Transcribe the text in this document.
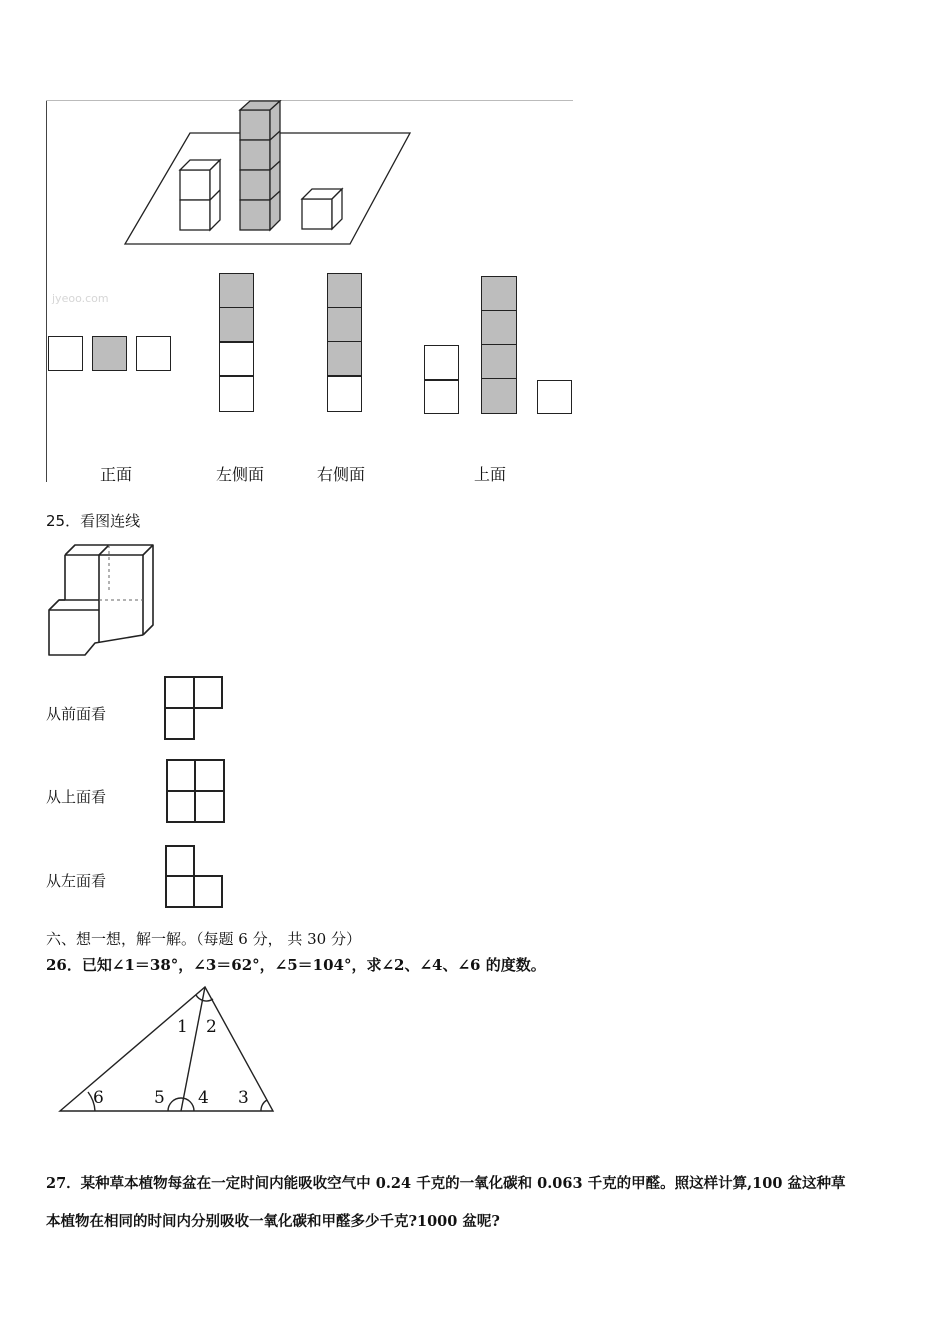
jyeoo.com
正面	左侧面	右侧面	上面
25．看图连线
从前面看
从上面看
从左面看
六、想一想，解一解。（每题 6 分， 共 30 分）
26．已知∠1＝38°，∠3＝62°，∠5＝104°，求∠2、∠4、∠6 的度数。
1 2
3
4
5
6
27．某种草本植物每盆在一定时间内能吸收空气中 0.24 千克的一氧化碳和 0.063 千克的甲醛。照这样计算,100 盆这种草
本植物在相同的时间内分别吸收一氧化碳和甲醛多少千克?1000 盆呢?
